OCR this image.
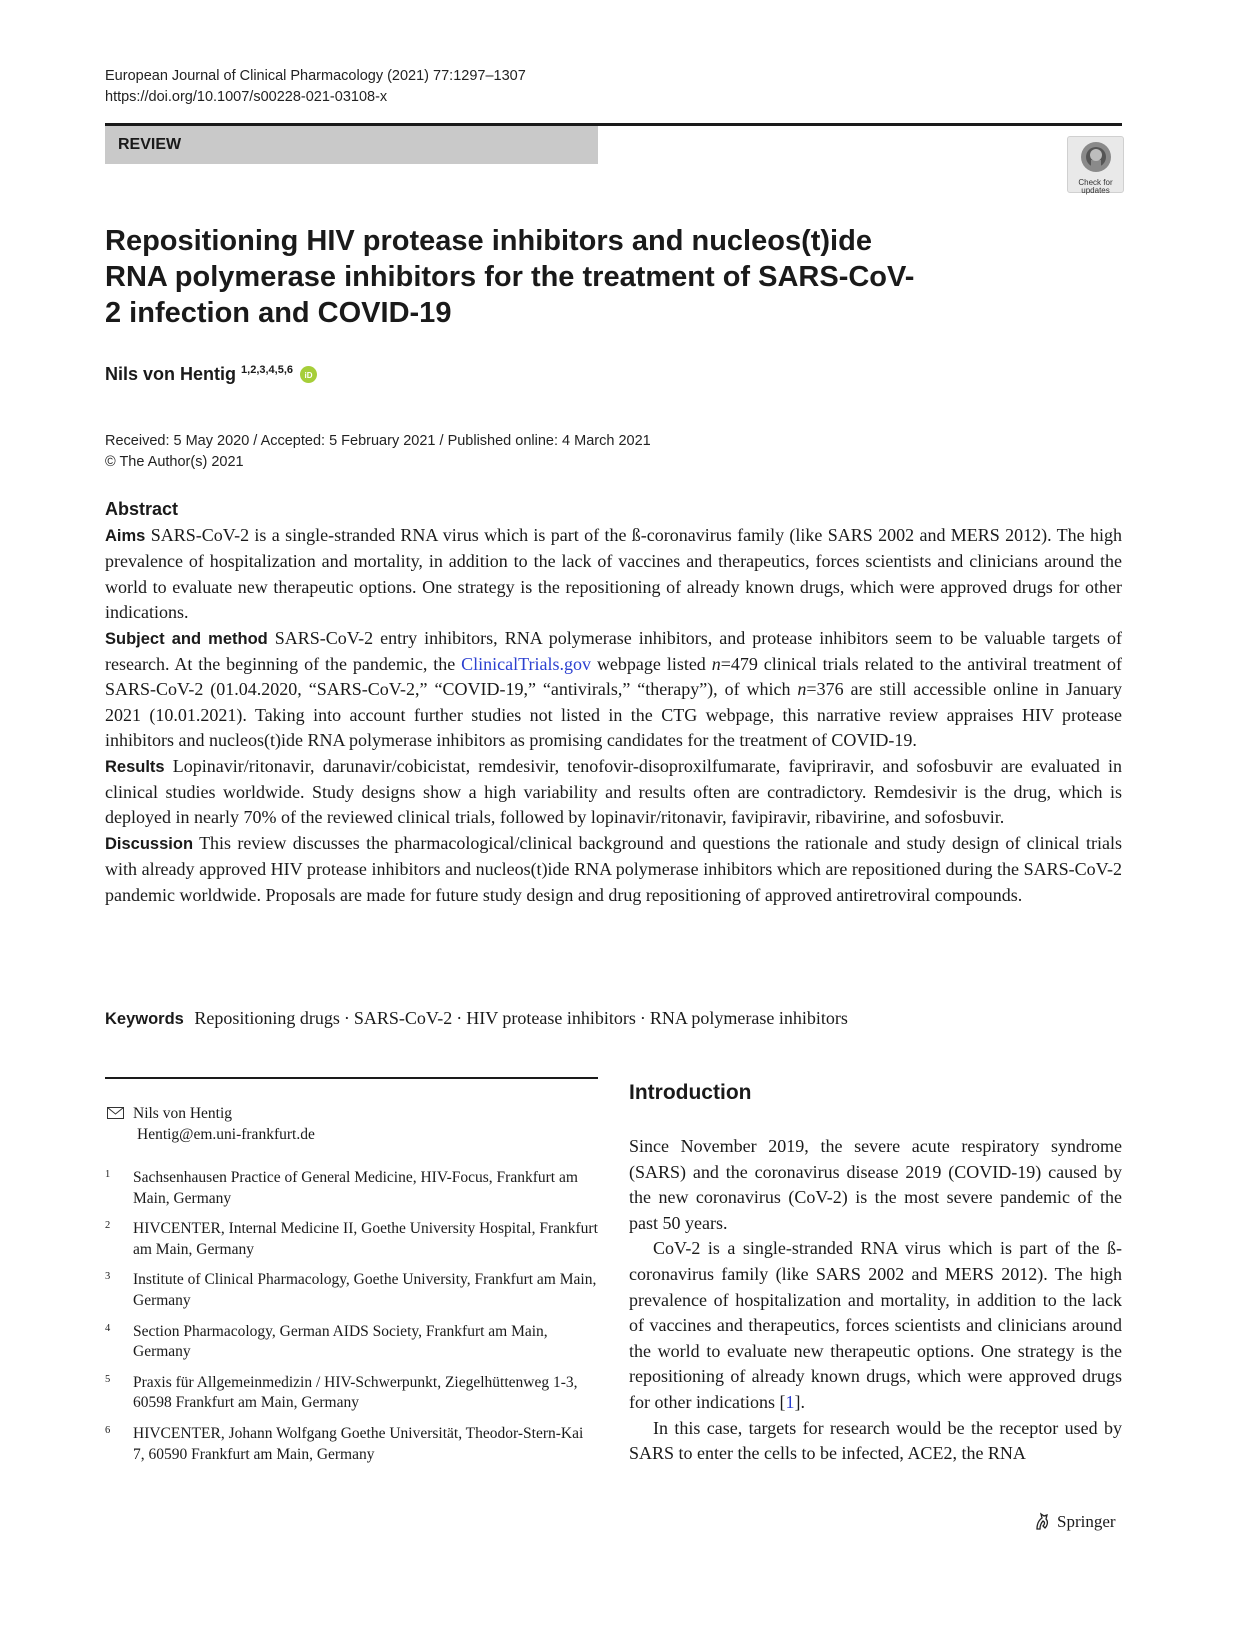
European Journal of Clinical Pharmacology (2021) 77:1297–1307
https://doi.org/10.1007/s00228-021-03108-x
REVIEW
Check for updates
Repositioning HIV protease inhibitors and nucleos(t)ide RNA polymerase inhibitors for the treatment of SARS-CoV-2 infection and COVID-19
Nils von Hentig $^{1,2,3,4,5,6}$ iD
Received: 5 May 2020 / Accepted: 5 February 2021 / Published online: 4 March 2021
© The Author(s) 2021
Abstract

Aims SARS-CoV-2 is a single-stranded RNA virus which is part of the ß-coronavirus family (like SARS 2002 and MERS 2012). The high prevalence of hospitalization and mortality, in addition to the lack of vaccines and therapeutics, forces scientists and clinicians around the world to evaluate new therapeutic options. One strategy is the repositioning of already known drugs, which were approved drugs for other indications.

Subject and method SARS-CoV-2 entry inhibitors, RNA polymerase inhibitors, and protease inhibitors seem to be valuable targets of research. At the beginning of the pandemic, the ClinicalTrials.gov webpage listed n=479 clinical trials related to the antiviral treatment of SARS-CoV-2 (01.04.2020, “SARS-CoV-2,” “COVID-19,” “antivirals,” “therapy”), of which n=376 are still accessible online in January 2021 (10.01.2021). Taking into account further studies not listed in the CTG webpage, this narrative review appraises HIV protease inhibitors and nucleos(t)ide RNA polymerase inhibitors as promising candidates for the treatment of COVID-19.

Results Lopinavir/ritonavir, darunavir/cobicistat, remdesivir, tenofovir-disoproxilfumarate, favipriravir, and sofosbuvir are evaluated in clinical studies worldwide. Study designs show a high variability and results often are contradictory. Remdesivir is the drug, which is deployed in nearly 70% of the reviewed clinical trials, followed by lopinavir/ritonavir, favipiravir, ribavirine, and sofosbuvir.

Discussion This review discusses the pharmacological/clinical background and questions the rationale and study design of clinical trials with already approved HIV protease inhibitors and nucleos(t)ide RNA polymerase inhibitors which are repositioned during the SARS-CoV-2 pandemic worldwide. Proposals are made for future study design and drug repositioning of approved antiretroviral compounds.

Keywords Repositioning drugs · SARS-CoV-2 · HIV protease inhibitors · RNA polymerase inhibitors
Nils von Hentig
Hentig@em.uni-frankfurt.de
1 Sachsenhausen Practice of General Medicine, HIV-Focus, Frankfurt am Main, Germany
2 HIVCENTER, Internal Medicine II, Goethe University Hospital, Frankfurt am Main, Germany
3 Institute of Clinical Pharmacology, Goethe University, Frankfurt am Main, Germany
4 Section Pharmacology, German AIDS Society, Frankfurt am Main, Germany
5 Praxis für Allgemeinmedizin / HIV-Schwerpunkt, Ziegelhüttenweg 1-3, 60598 Frankfurt am Main, Germany
6 HIVCENTER, Johann Wolfgang Goethe Universität, Theodor-Stern-Kai 7, 60590 Frankfurt am Main, Germany
Introduction

Since November 2019, the severe acute respiratory syndrome (SARS) and the coronavirus disease 2019 (COVID-19) caused by the new coronavirus (CoV-2) is the most severe pandemic of the past 50 years.

CoV-2 is a single-stranded RNA virus which is part of the ß-coronavirus family (like SARS 2002 and MERS 2012). The high prevalence of hospitalization and mortality, in addition to the lack of vaccines and therapeutics, forces scientists and clinicians around the world to evaluate new therapeutic options. One strategy is the repositioning of already known drugs, which were approved drugs for other indications [1].

In this case, targets for research would be the receptor used by SARS to enter the cells to be infected, ACE2, the RNA

Springer
